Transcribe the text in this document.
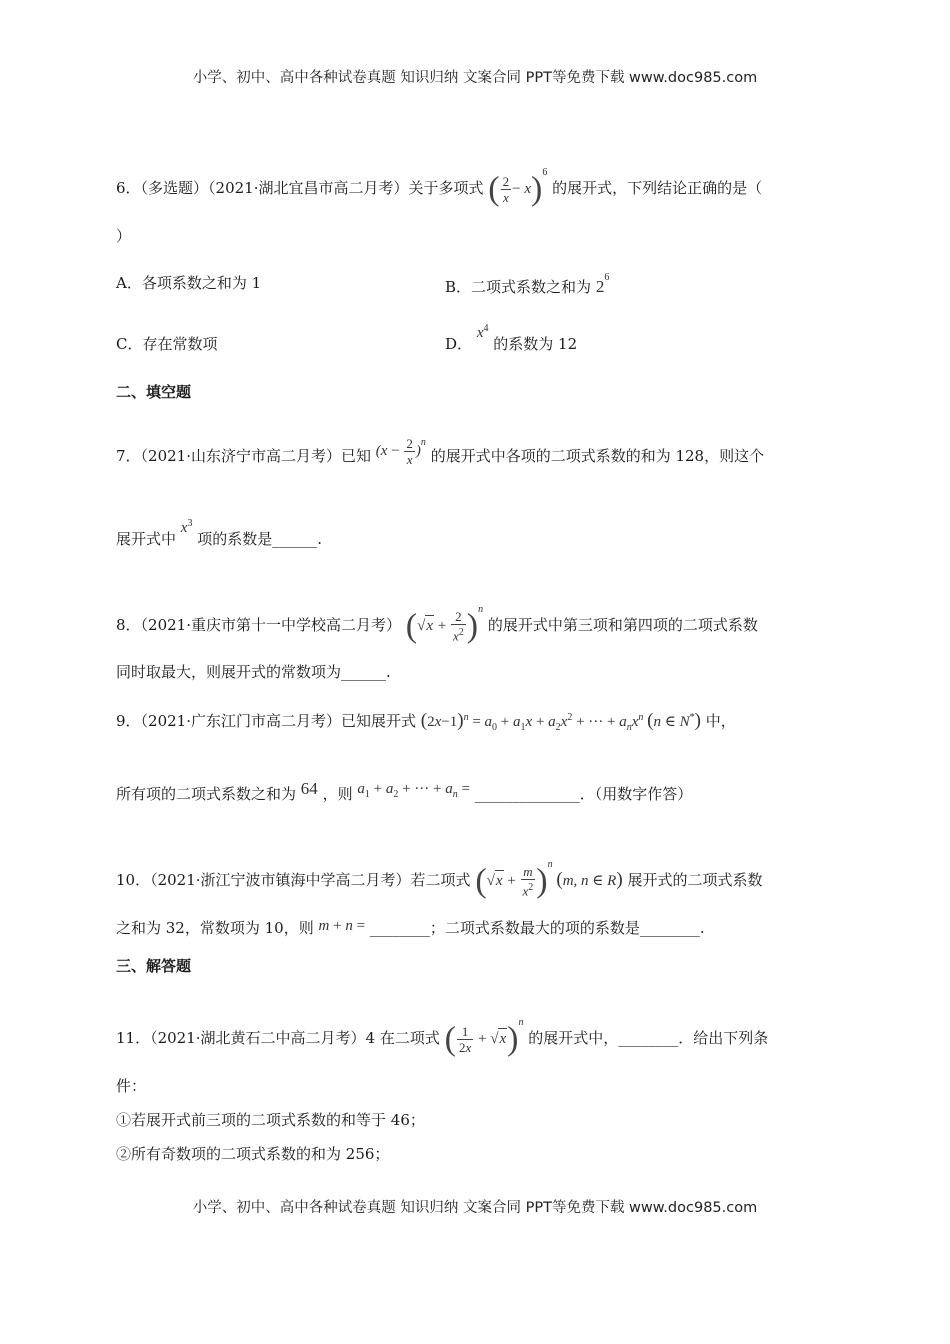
小学、初中、高中各种试卷真题 知识归纳 文案合同 PPT等免费下载 www.doc985.com
6．（多选题）（2021·湖北宜昌市高二月考）关于多项式 ( $\frac{2}{x} - x)^6$ 的展开式，下列结论正确的是（
）
A．各项系数之和为 1	B．二项式系数之和为 $2^6$
C．存在常数项	D． $x^4$ 的系数为 12
二、填空题
7．（2021·山东济宁市高二月考）已知 $(x - \frac{2}{x} )^n$ 的展开式中各项的二项式系数的和为 128，则这个
展开式中 $x^3$ 项的系数是______.
8．（2021·重庆市第十一中学校高二月考） $(√x + \frac{2}{x^2} )^n$ 的展开式中第三项和第四项的二项式系数
同时取最大，则展开式的常数项为______.
9．（2021·广东江门市高二月考）已知展开式 $(2x-1)^n = a_0 + a_1x + a_2x^2$ + ··· + $a_nx^n$ (n ∈ N*) 中，
所有项的二项式系数之和为 64 ，则 $a_1 + a_2$ + ··· + $a_n$ = ______________．（用数字作答）
10．（2021·浙江宁波市镇海中学高二月考）若二项式 $(√x + \frac{m}{x^2} )^n$ (m, n ∈ R) 展开式的二项式系数
之和为 32，常数项为 10，则 m + n = ________；二项式系数最大的项的系数是________.
三、解答题
11．（2021·湖北黄石二中高二月考）4 在二项式 ( $\frac{1}{2x} + √x)^n$ 的展开式中，________．给出下列条
件：
①若展开式前三项的二项式系数的和等于 46；
②所有奇数项的二项式系数的和为 256；
小学、初中、高中各种试卷真题 知识归纳 文案合同 PPT等免费下载 www.doc985.com
